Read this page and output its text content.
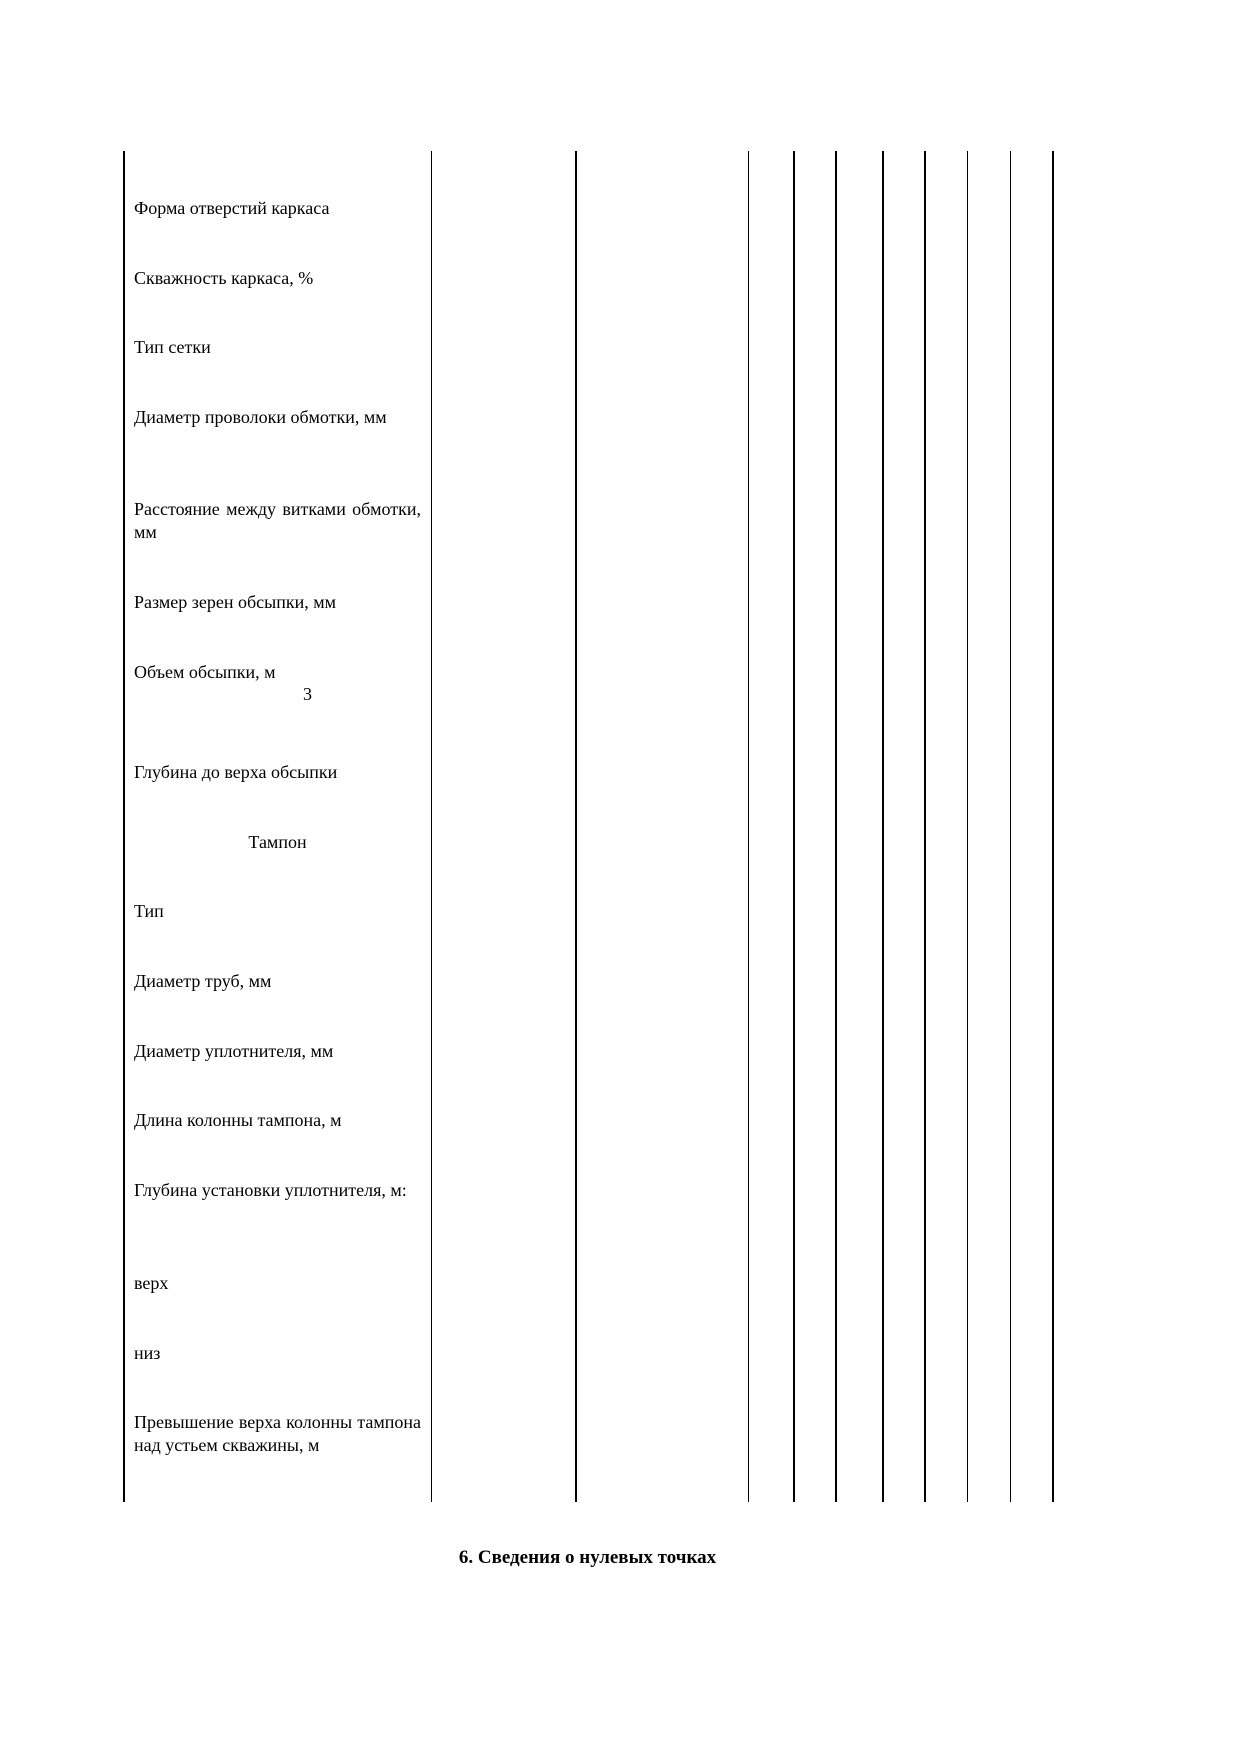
Форма отверстий каркаса
Скважность каркаса, %
Тип сетки
Диаметр проволоки обмотки, мм
Расстояние между витками обмотки, мм
Размер зерен обсыпки, мм
Объем обсыпки, м
3
Глубина до верха обсыпки
Тампон
Тип
Диаметр труб, мм
Диаметр уплотнителя, мм
Длина колонны тампона, м
Глубина установки уплотнителя, м:
верх
низ
Превышение верха колонны тампона над устьем скважины, м
6. Сведения о нулевых точках
